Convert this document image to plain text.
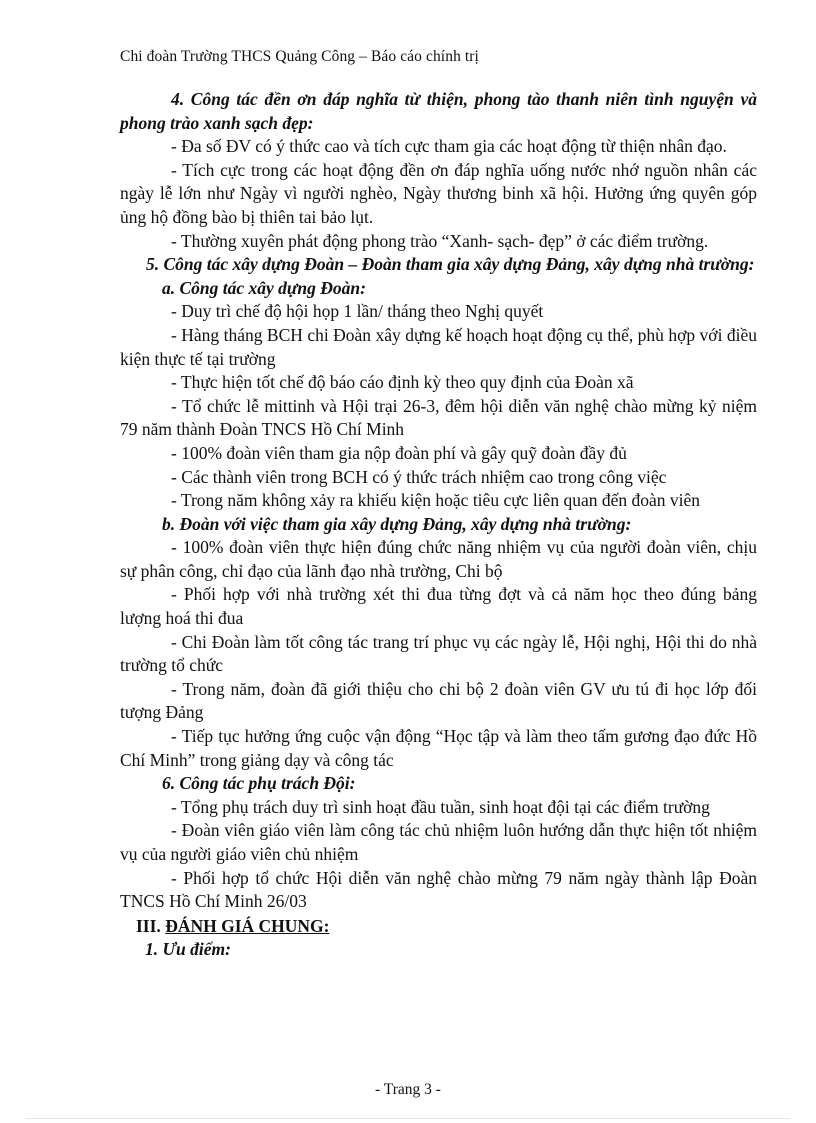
Chi đoàn Trường THCS Quảng Công – Báo cáo chính trị

4. Công tác đền ơn đáp nghĩa từ thiện, phong tào thanh niên tình nguyện và phong trào xanh sạch đẹp:

- Đa số ĐV có ý thức cao và tích cực tham gia các hoạt động từ thiện nhân đạo.

- Tích cực trong các hoạt động đền ơn đáp nghĩa uống nước nhớ nguồn nhân các ngày lễ lớn như Ngày vì người nghèo, Ngày thương binh xã hội. Hưởng ứng quyên góp ủng hộ đồng bào bị thiên tai bảo lụt.

- Thường xuyên phát động phong trào “Xanh- sạch- đẹp” ở các điểm trường.

5. Công tác xây dựng Đoàn – Đoàn tham gia xây dựng Đảng, xây dựng nhà trường:

a. Công tác xây dựng Đoàn:

- Duy trì chế độ hội họp 1 lần/ tháng theo Nghị quyết

- Hàng tháng BCH chi Đoàn xây dựng kế hoạch hoạt động cụ thể, phù hợp với điều kiện thực tế tại trường

- Thực hiện tốt chế độ báo cáo định kỳ theo quy định của Đoàn xã

- Tổ chức lễ mittinh và Hội trại 26-3, đêm hội diễn văn nghệ chào mừng kỷ niệm 79 năm thành Đoàn TNCS Hồ Chí Minh

- 100% đoàn viên tham gia nộp đoàn phí và gây quỹ đoàn đầy đủ

- Các thành viên trong BCH có ý thức trách nhiệm cao trong công việc

- Trong năm không xảy ra khiếu kiện hoặc tiêu cực liên quan đến đoàn viên

b. Đoàn với việc tham gia xây dựng Đảng, xây dựng nhà trường:

- 100% đoàn viên thực hiện đúng chức năng nhiệm vụ của người đoàn viên, chịu sự phân công, chỉ đạo của lãnh đạo nhà trường, Chi bộ

- Phối hợp với nhà trường xét thi đua từng đợt và cả năm học theo đúng bảng lượng hoá thi đua

- Chi Đoàn làm tốt công tác trang trí phục vụ các ngày lễ, Hội nghị, Hội thi do nhà trường tổ chức

- Trong năm, đoàn đã giới thiệu cho chi bộ 2 đoàn viên GV ưu tú đi học lớp đối tượng Đảng

- Tiếp tục hưởng ứng cuộc vận động “Học tập và làm theo tấm gương đạo đức Hồ Chí Minh” trong giảng dạy và công tác

6. Công tác phụ trách Đội:

- Tổng phụ trách duy trì sinh hoạt đầu tuần, sinh hoạt đội tại các điểm trường

- Đoàn viên giáo viên làm công tác chủ nhiệm luôn hướng dẫn thực hiện tốt nhiệm vụ của người giáo viên chủ nhiệm

- Phối hợp tổ chức Hội diễn văn nghệ chào mừng 79 năm ngày thành lập Đoàn TNCS Hồ Chí Minh 26/03

III. ĐÁNH GIÁ CHUNG:

1. Ưu điểm:

- Trang 3 -
